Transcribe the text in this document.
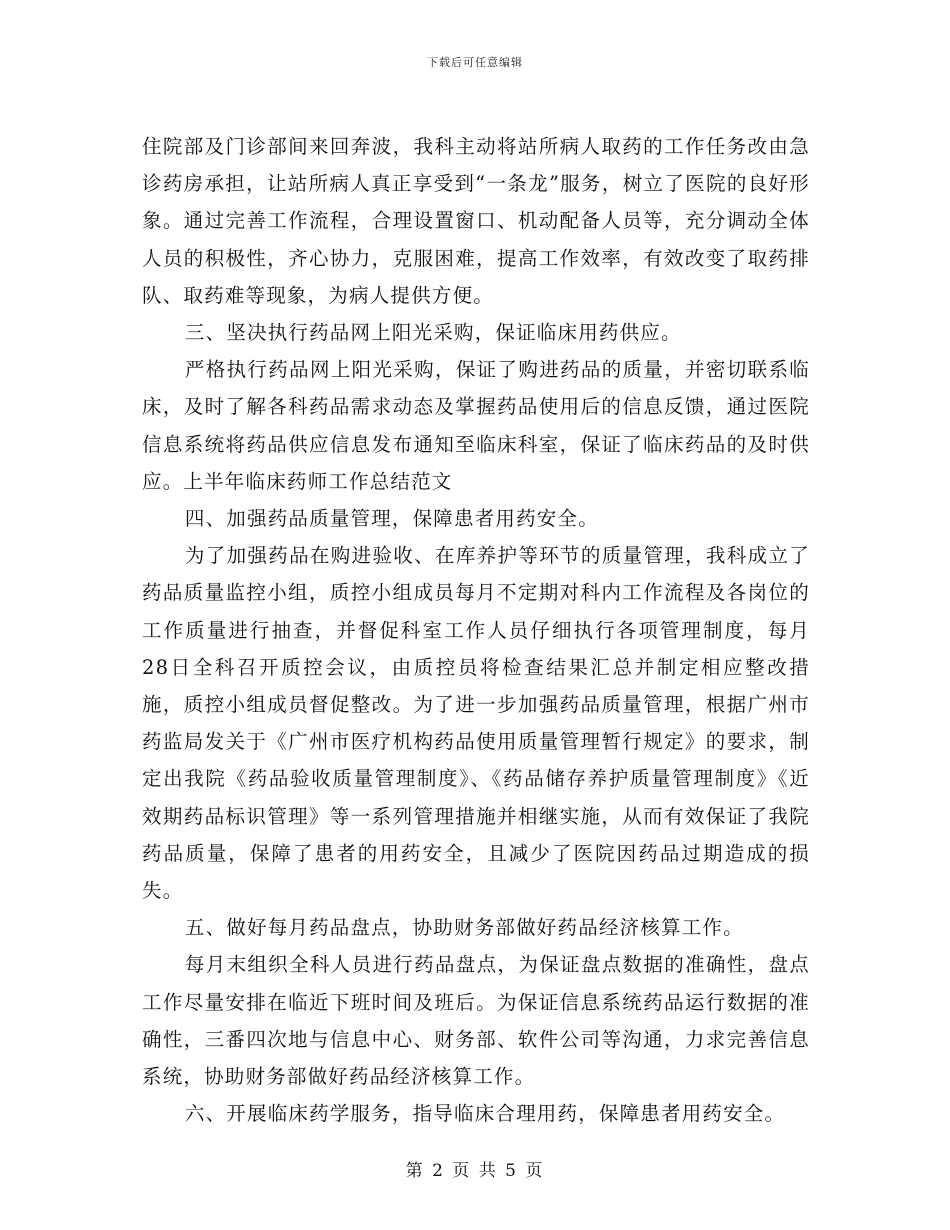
下载后可任意编辑

住院部及门诊部间来回奔波，我科主动将站所病人取药的工作任务改由急诊药房承担，让站所病人真正享受到“一条龙”服务，树立了医院的良好形象。通过完善工作流程，合理设置窗口、机动配备人员等，充分调动全体人员的积极性，齐心协力，克服困难，提高工作效率，有效改变了取药排队、取药难等现象，为病人提供方便。

三、坚决执行药品网上阳光采购，保证临床用药供应。

严格执行药品网上阳光采购，保证了购进药品的质量，并密切联系临床，及时了解各科药品需求动态及掌握药品使用后的信息反馈，通过医院信息系统将药品供应信息发布通知至临床科室，保证了临床药品的及时供应。上半年临床药师工作总结范文

四、加强药品质量管理，保障患者用药安全。

为了加强药品在购进验收、在库养护等环节的质量管理，我科成立了药品质量监控小组，质控小组成员每月不定期对科内工作流程及各岗位的工作质量进行抽查，并督促科室工作人员仔细执行各项管理制度，每月28日全科召开质控会议，由质控员将检查结果汇总并制定相应整改措施，质控小组成员督促整改。为了进一步加强药品质量管理，根据广州市药监局发关于《广州市医疗机构药品使用质量管理暂行规定》的要求，制定出我院《药品验收质量管理制度》、《药品储存养护质量管理制度》《近效期药品标识管理》等一系列管理措施并相继实施，从而有效保证了我院药品质量，保障了患者的用药安全，且减少了医院因药品过期造成的损失。

五、做好每月药品盘点，协助财务部做好药品经济核算工作。

每月末组织全科人员进行药品盘点，为保证盘点数据的准确性，盘点工作尽量安排在临近下班时间及班后。为保证信息系统药品运行数据的准确性，三番四次地与信息中心、财务部、软件公司等沟通，力求完善信息系统，协助财务部做好药品经济核算工作。

六、开展临床药学服务，指导临床合理用药，保障患者用药安全。

第 2 页 共 5 页
